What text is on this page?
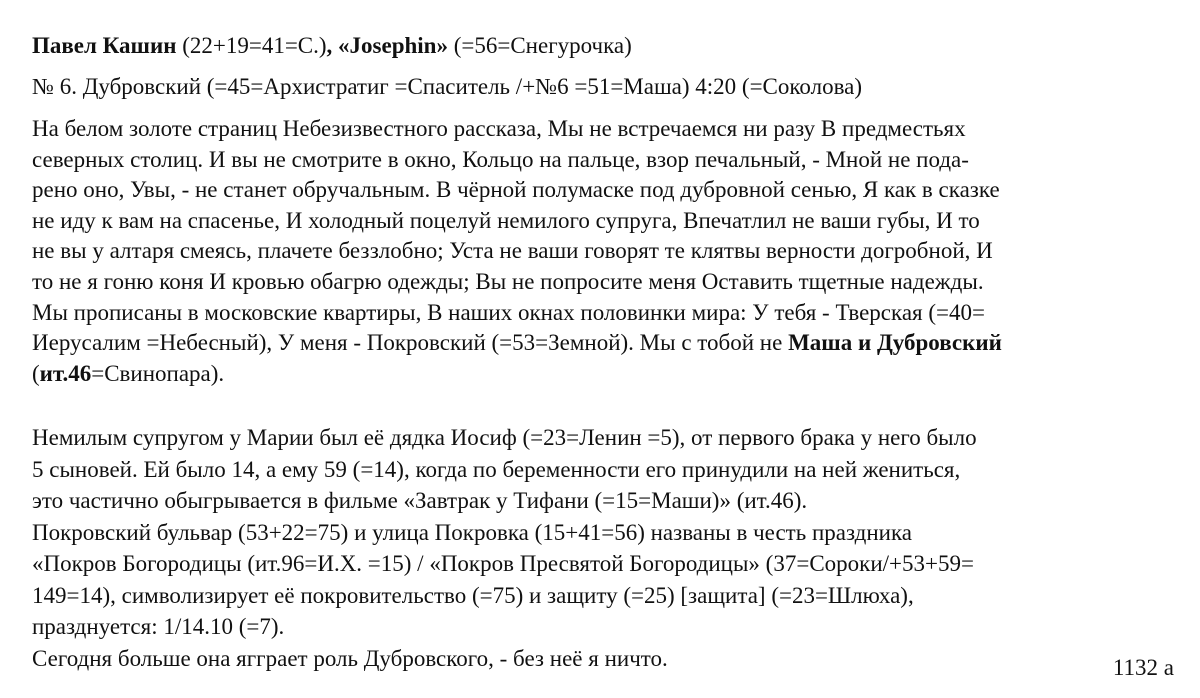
Павел Кашин (22+19=41=С.), «Josephin» (=56=Снегурочка)
№ 6. Дубровский (=45=Архистратиг =Спаситель /+№6 =51=Маша) 4:20 (=Соколова)
На белом золоте страниц Небезизвестного рассказа, Мы не встречаемся ни разу В предместьях
северных столиц. И вы не смотрите в окно, Кольцо на пальце, взор печальный, - Мной не пода-
рено оно, Увы, - не станет обручальным. В чёрной полумаске под дубровной сенью, Я как в сказке
не иду к вам на спасенье, И холодный поцелуй немилого супруга, Впечатлил не ваши губы, И то
не вы у алтаря смеясь, плачете беззлобно; Уста не ваши говорят те клятвы верности догробной, И
то не я гоню коня И кровью обагрю одежды; Вы не попросите меня Оставить тщетные надежды.
Мы прописаны в московские квартиры, В наших окнах половинки мира: У тебя - Тверская (=40=
Иерусалим =Небесный), У меня - Покровский (=53=Земной). Мы с тобой не Маша и Дубровский
(ит.46=Свинопара).
Немилым супругом у Марии был её дядка Иосиф (=23=Ленин =5), от первого брака у него было
5 сыновей. Ей было 14, а ему 59 (=14), когда по беременности его принудили на ней жениться,
это частично обыгрывается в фильме «Завтрак у Тифани (=15=Маши)» (ит.46).
Покровский бульвар (53+22=75) и улица Покровка (15+41=56) названы в честь праздника
«Покров Богородицы (ит.96=И.Х. =15) / «Покров Пресвятой Богородицы» (37=Сороки/+53+59=
149=14), символизирует её покровительство (=75) и защиту (=25) [защита] (=23=Шлюха),
празднуется: 1/14.10 (=7).
Сегодня больше она ягграет роль Дубровского, - без неё я ничто.	1132 а
